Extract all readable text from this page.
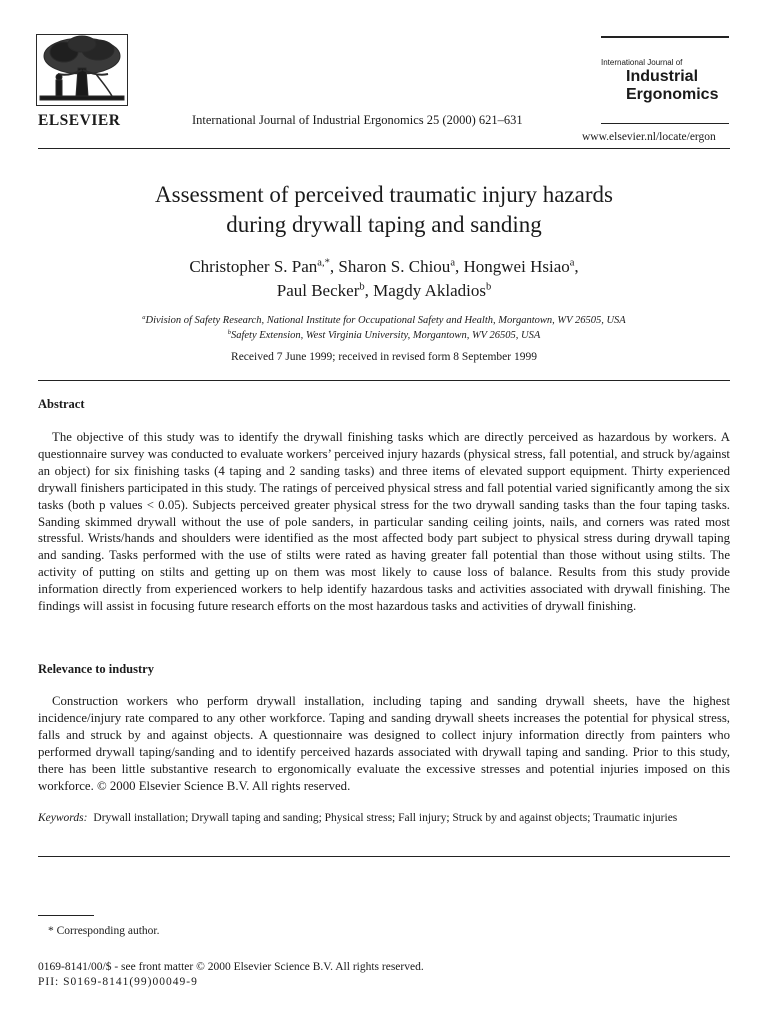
ELSEVIER	International Journal of Industrial Ergonomics 25 (2000) 621–631
International Journal of
Industrial
Ergonomics
www.elsevier.nl/locate/ergon
Assessment of perceived traumatic injury hazards
during drywall taping and sanding
Christopher S. Pan$^{a,*}$, Sharon S. Chiou$^a$, Hongwei Hsiao$^a$,
Paul Becker$^b$, Magdy Akladios$^b$
$^a$Division of Safety Research, National Institute for Occupational Safety and Health, Morgantown, WV 26505, USA
$^b$Safety Extension, West Virginia University, Morgantown, WV 26505, USA
Received 7 June 1999; received in revised form 8 September 1999
Abstract
The objective of this study was to identify the drywall finishing tasks which are directly perceived as hazardous by workers. A questionnaire survey was conducted to evaluate workers’ perceived injury hazards (physical stress, fall potential, and struck by/against an object) for six finishing tasks (4 taping and 2 sanding tasks) and three items of elevated support equipment. Thirty experienced drywall finishers participated in this study. The ratings of perceived physical stress and fall potential varied significantly among the six tasks (both p values < 0.05). Subjects perceived greater physical stress for the two drywall sanding tasks than the four taping tasks. Sanding skimmed drywall without the use of pole sanders, in particular sanding ceiling joints, nails, and corners was rated most stressful. Wrists/hands and shoulders were identified as the most affected body part subject to physical stress during drywall taping and sanding. Tasks performed with the use of stilts were rated as having greater fall potential than those without using stilts. The activity of putting on stilts and getting up on them was most likely to cause loss of balance. Results from this study provide information directly from experienced workers to help identify hazardous tasks and activities associated with drywall finishing. The findings will assist in focusing future research efforts on the most hazardous tasks and activities of drywall finishing.
Relevance to industry
Construction workers who perform drywall installation, including taping and sanding drywall sheets, have the highest incidence/injury rate compared to any other workforce. Taping and sanding drywall sheets increases the potential for physical stress, falls and struck by and against objects. A questionnaire was designed to collect injury information directly from painters who performed drywall taping/sanding and to identify perceived hazards associated with drywall taping and sanding. Prior to this study, there has been little substantive research to ergonomically evaluate the excessive stresses and potential injuries imposed on this workforce. © 2000 Elsevier Science B.V. All rights reserved.
Keywords: Drywall installation; Drywall taping and sanding; Physical stress; Fall injury; Struck by and against objects; Traumatic injuries
* Corresponding author.
0169-8141/00/$ - see front matter © 2000 Elsevier Science B.V. All rights reserved.
PII: S0169-8141(99)00049-9
